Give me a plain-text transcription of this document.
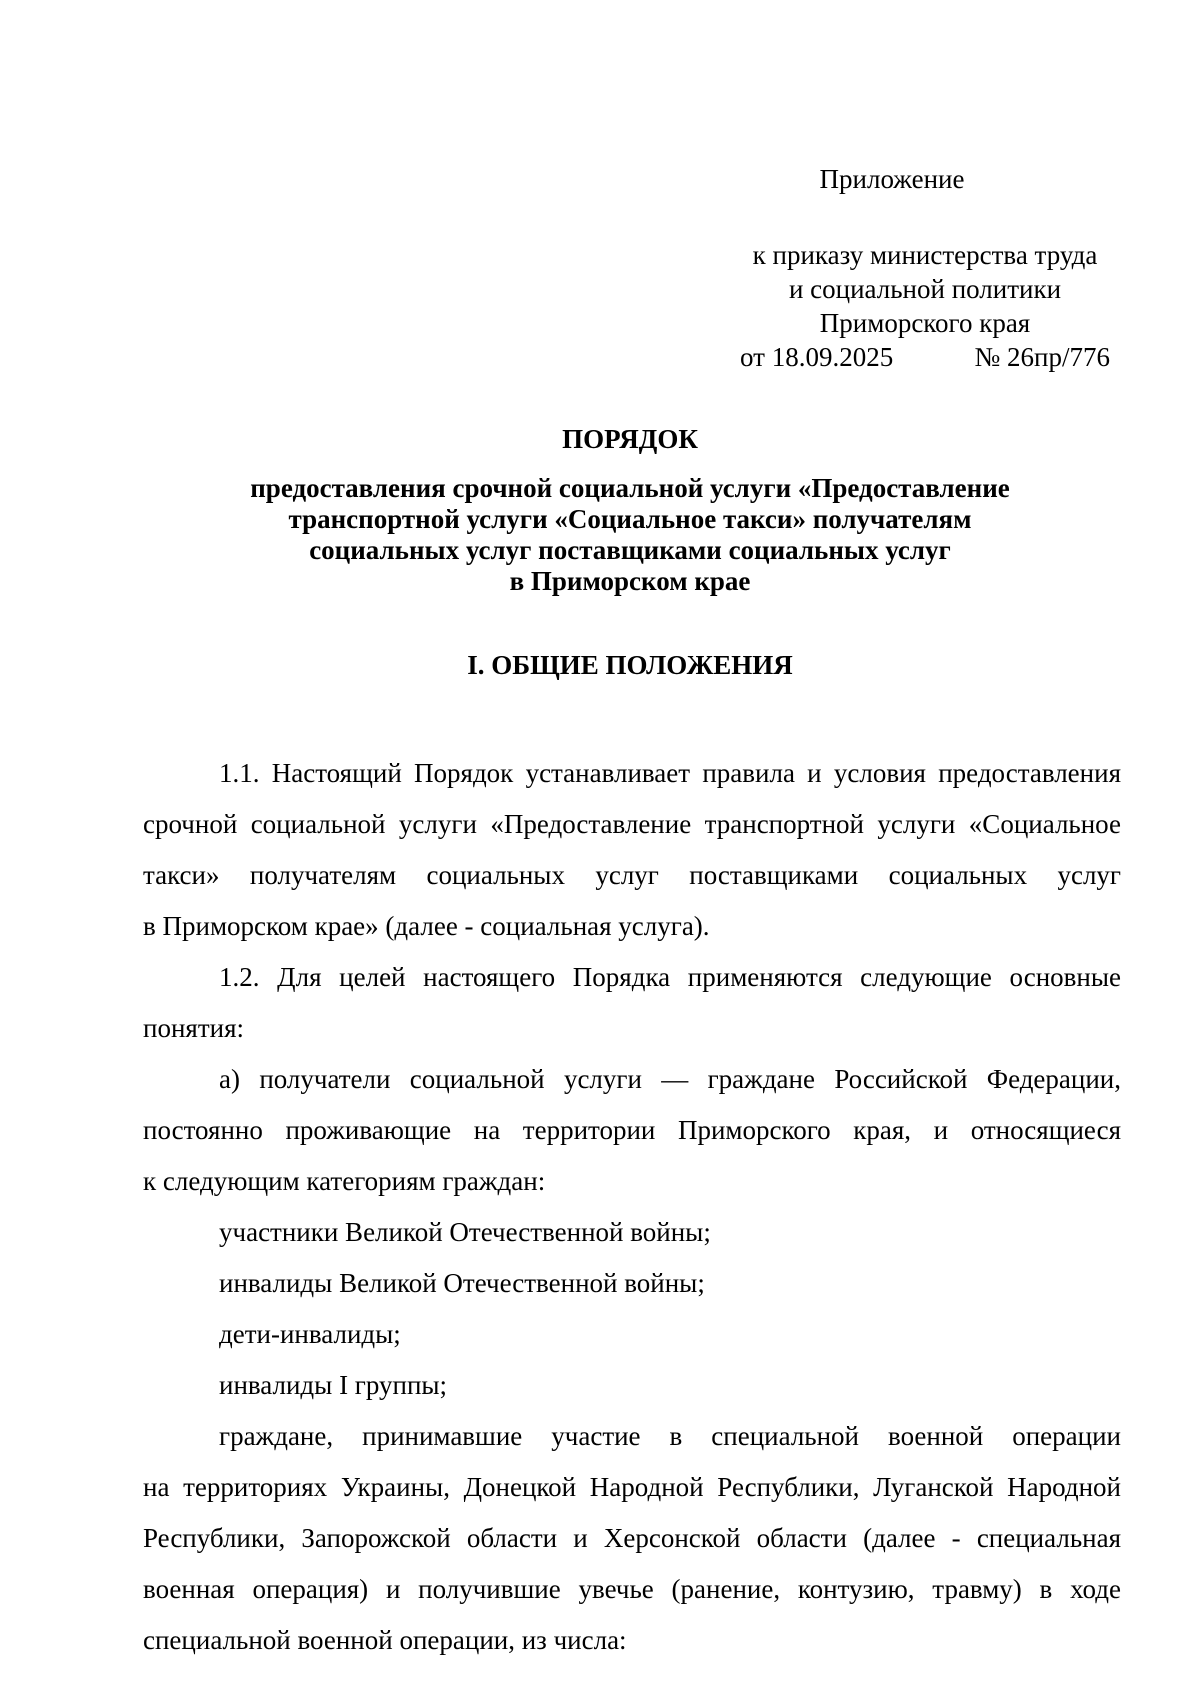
Приложение
к приказу министерства труда
и социальной политики
Приморского края
от 18.09.2025	№ 26пр/776
ПОРЯДОК
предоставления срочной социальной услуги «Предоставление
транспортной услуги «Социальное такси» получателям
социальных услуг поставщиками социальных услуг
в Приморском крае
I. ОБЩИЕ ПОЛОЖЕНИЯ
1.1. Настоящий Порядок устанавливает правила и условия предоставления
срочной социальной услуги «Предоставление транспортной услуги «Социальное
такси» получателям социальных услуг поставщиками социальных услуг
в Приморском крае» (далее - социальная услуга).
1.2. Для целей настоящего Порядка применяются следующие основные
понятия:
а) получатели социальной услуги — граждане Российской Федерации,
постоянно проживающие на территории Приморского края, и относящиеся
к следующим категориям граждан:
участники Великой Отечественной войны;
инвалиды Великой Отечественной войны;
дети-инвалиды;
инвалиды I группы;
граждане, принимавшие участие в специальной военной операции
на территориях Украины, Донецкой Народной Республики, Луганской Народной
Республики, Запорожской области и Херсонской области (далее - специальная
военная операция) и получившие увечье (ранение, контузию, травму) в ходе
специальной военной операции, из числа:
